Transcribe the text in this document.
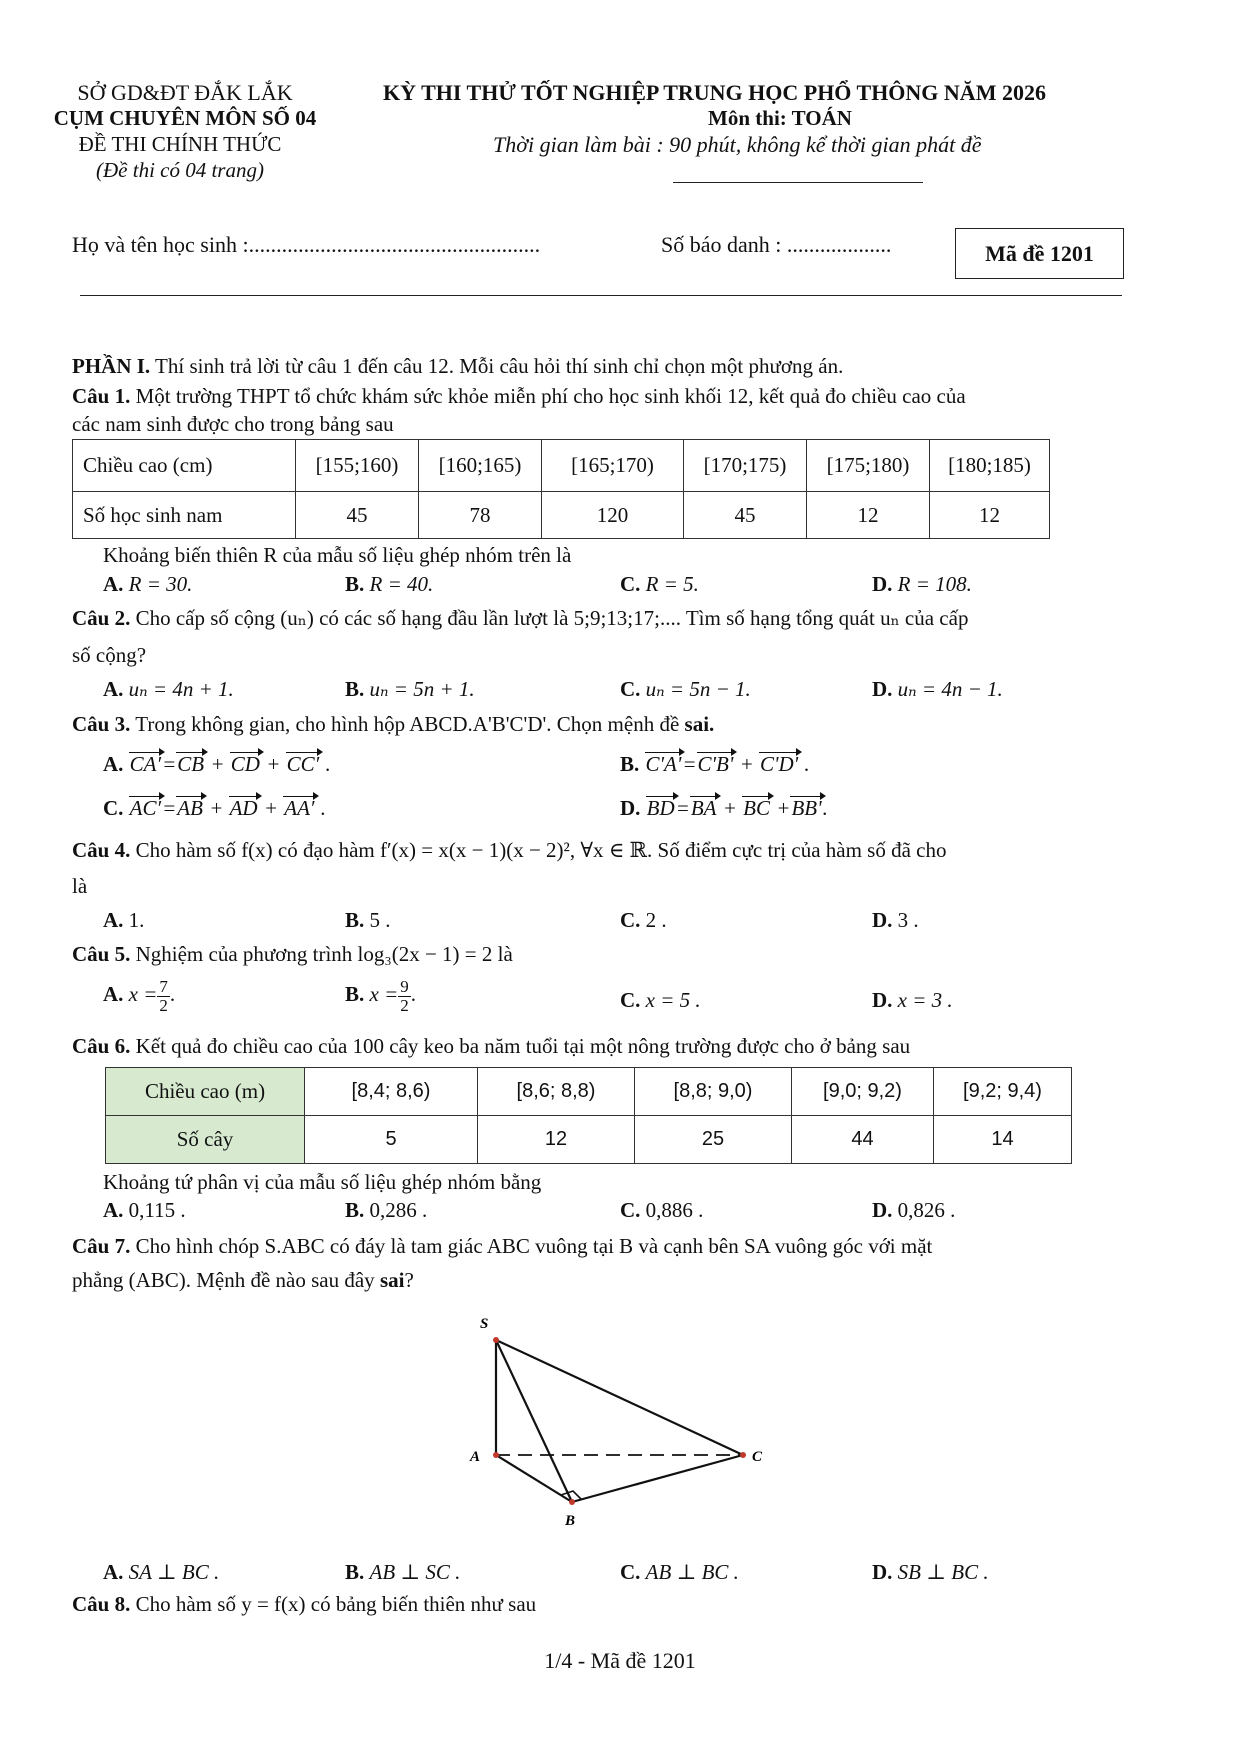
SỞ GD&ĐT ĐẮK LẮK
CỤM CHUYÊN MÔN SỐ 04
ĐỀ THI CHÍNH THỨC
(Đề thi có 04 trang)
KỲ THI THỬ TỐT NGHIỆP TRUNG HỌC PHỔ THÔNG NĂM 2026
Môn thi: TOÁN
Thời gian làm bài : 90 phút, không kể thời gian phát đề
Họ và tên học sinh :.....................................................	Số báo danh : ...................	Mã đề 1201
PHẦN I. Thí sinh trả lời từ câu 1 đến câu 12. Mỗi câu hỏi thí sinh chỉ chọn một phương án.
Câu 1. Một trường THPT tổ chức khám sức khỏe miễn phí cho học sinh khối 12, kết quả đo chiều cao của
các nam sinh được cho trong bảng sau
Chiều cao (cm)	[155;160)	[160;165)	[165;170)	[170;175)	[175;180)	[180;185)
Số học sinh nam	45	78	120	45	12	12
Khoảng biến thiên R của mẫu số liệu ghép nhóm trên là
A. R = 30.	B. R = 40.	C. R = 5.	D. R = 108.
Câu 2. Cho cấp số cộng (uₙ) có các số hạng đầu lần lượt là 5;9;13;17;.... Tìm số hạng tổng quát uₙ của cấp
số cộng?
A. uₙ = 4n + 1.	B. uₙ = 5n + 1.	C. uₙ = 5n − 1.	D. uₙ = 4n − 1.
Câu 3. Trong không gian, cho hình hộp ABCD.A'B'C'D'. Chọn mệnh đề sai.
A. CA′=CB + CD + CC′ .	B. C'A'=C'B' + C'D' .
C. AC′=AB + AD + AA′ .	D. BD=BA + BC +BB'.
Câu 4. Cho hàm số f(x) có đạo hàm f′(x) = x(x − 1)(x − 2)², ∀x ∈ ℝ. Số điểm cực trị của hàm số đã cho
là
A. 1.	B. 5 .	C. 2 .	D. 3 .
Câu 5. Nghiệm của phương trình log₃(2x − 1) = 2 là
A. $x = \frac{7}{2}$ .	B. $x = \frac{9}{2}$ .	C. x = 5 .	D. x = 3 .
Câu 6. Kết quả đo chiều cao của 100 cây keo ba năm tuổi tại một nông trường được cho ở bảng sau
Chiều cao (m)	[8,4; 8,6)	[8,6; 8,8)	[8,8; 9,0)	[9,0; 9,2)	[9,2; 9,4)
Số cây	5	12	25	44	14
Khoảng tứ phân vị của mẫu số liệu ghép nhóm bằng
A. 0,115 .	B. 0,286 .	C. 0,886 .	D. 0,826 .
Câu 7. Cho hình chóp S.ABC có đáy là tam giác ABC vuông tại B và cạnh bên SA vuông góc với mặt
phẳng (ABC). Mệnh đề nào sau đây sai?
S
A
B
C
A. SA ⊥ BC .	B. AB ⊥ SC .	C. AB ⊥ BC .	D. SB ⊥ BC .
Câu 8. Cho hàm số y = f(x) có bảng biến thiên như sau
1/4 - Mã đề 1201
